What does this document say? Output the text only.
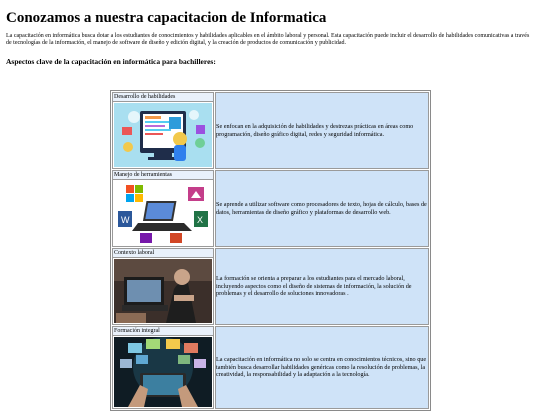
Conozamos a nuestra capacitacion de Informatica

La capacitación en informática busca dotar a los estudiantes de conocimientos y habilidades aplicables en el ámbito laboral y personal. Esta capacitación puede incluir el desarrollo de habilidades comunicativas a través de tecnologías de la información, el manejo de software de diseño y edición digital, y la creación de productos de comunicación y publicidad.

Aspectos clave de la capacitación en informática para bachilleres:
Desarrollo de habilidades	Se enfocan en la adquisición de habilidades y destrezas prácticas en áreas como programación, diseño gráfico digital, redes y seguridad informática.

Manejo de herramientas
W X	Se aprende a utilizar software como procesadores de texto, hojas de cálculo, bases de datos, herramientas de diseño gráfico y plataformas de desarrollo web.

Contexto laboral	La formación se orienta a preparar a los estudiantes para el mercado laboral, incluyendo aspectos como el diseño de sistemas de información, la solución de problemas y el desarrollo de soluciones innovadoras .

Formación integral	La capacitación en informática no solo se centra en conocimientos técnicos, sino que también busca desarrollar habilidades genéricas como la resolución de problemas, la creatividad, la responsabilidad y la adaptación a la tecnología.
